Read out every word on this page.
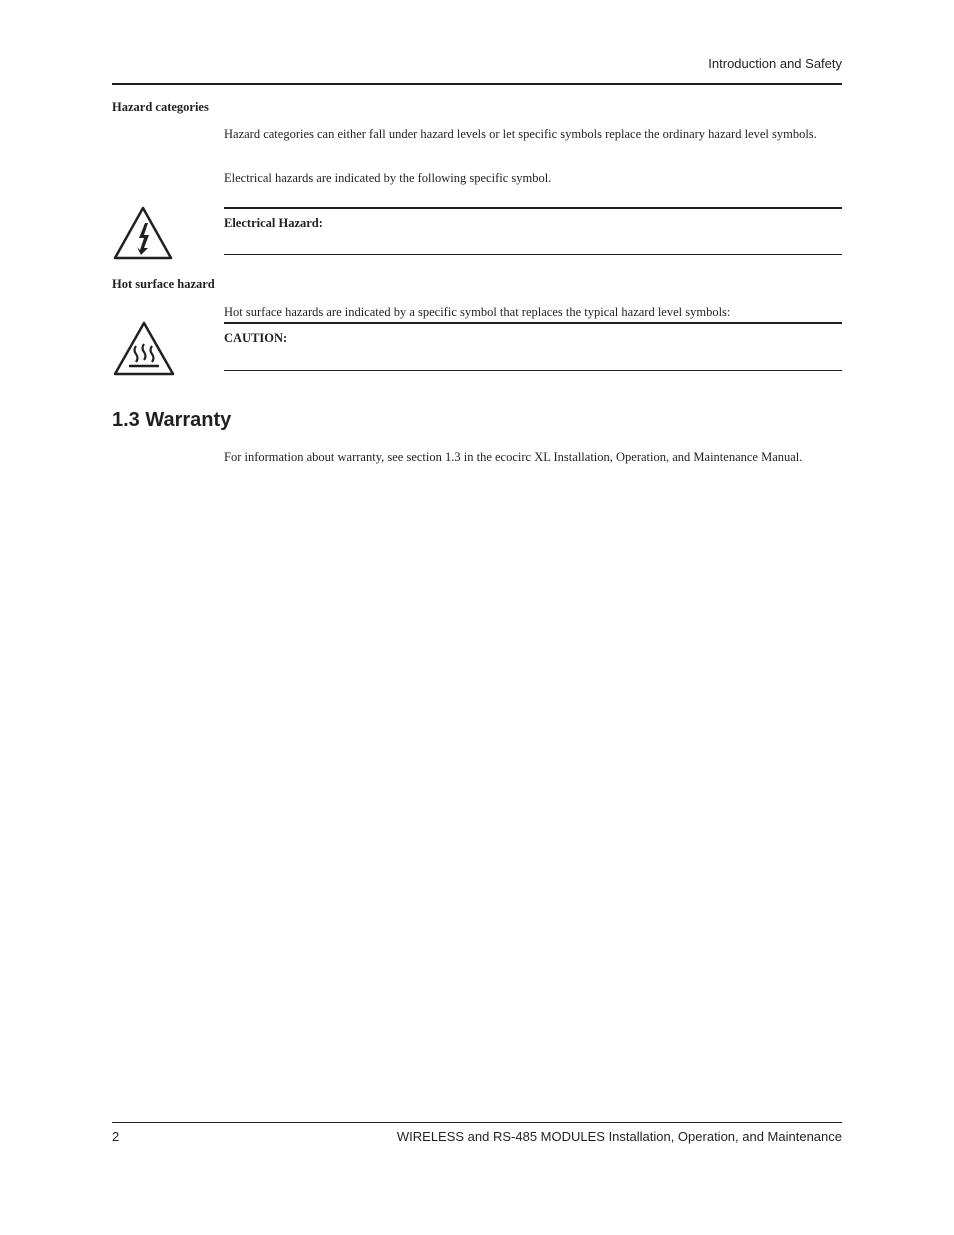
Introduction and Safety
Hazard categories

Hazard categories can either fall under hazard levels or let specific symbols replace the ordinary hazard level symbols.

Electrical hazards are indicated by the following specific symbol.

Electrical Hazard:
Hot surface hazard

Hot surface hazards are indicated by a specific symbol that replaces the typical hazard level symbols:

CAUTION:
1.3 Warranty

For information about warranty, see section 1.3 in the ecocirc XL Installation, Operation, and Maintenance Manual.

2	WIRELESS and RS-485 MODULES Installation, Operation, and Maintenance
